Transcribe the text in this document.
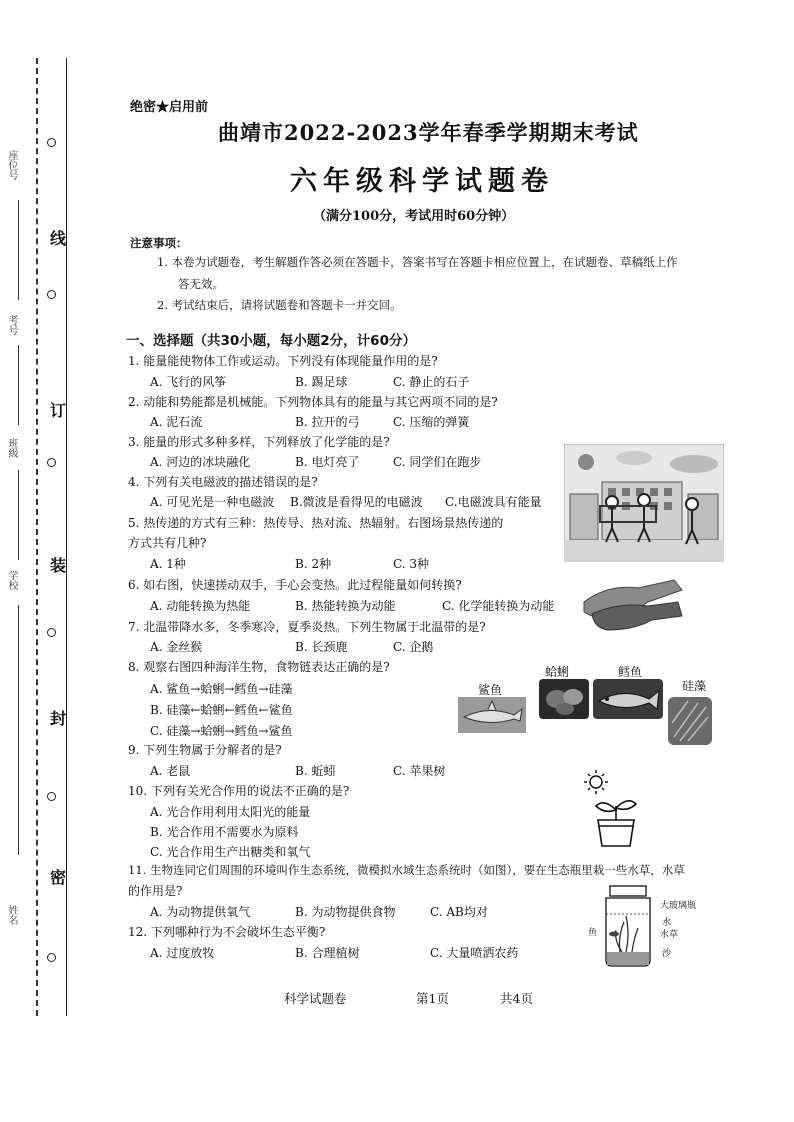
线
订
装
封
密
座位号
考号
班级
学校
姓名
绝密★启用前
曲靖市2022-2023学年春季学期期末考试
六年级科学试题卷
（满分100分，考试用时60分钟）
注意事项：
1. 本卷为试题卷，考生解题作答必须在答题卡，答案书写在答题卡相应位置上，在试题卷、草稿纸上作
答无效。
2. 考试结束后，请将试题卷和答题卡一并交回。
一、选择题（共30小题，每小题2分，计60分）
1. 能量能使物体工作或运动。下列没有体现能量作用的是?
A. 飞行的风筝	B. 踢足球	C. 静止的石子
2. 动能和势能都是机械能。下列物体具有的能量与其它两项不同的是?
A. 泥石流	B. 拉开的弓	C. 压缩的弹簧
3. 能量的形式多种多样，下列释放了化学能的是?
A. 河边的冰块融化	B. 电灯亮了	C. 同学们在跑步
4. 下列有关电磁波的描述错误的是?
A. 可见光是一种电磁波 B.微波是看得见的电磁波 C.电磁波具有能量
5. 热传递的方式有三种：热传导、热对流、热辐射。右图场景热传递的
方式共有几种?
A. 1种	B. 2种	C. 3种
6. 如右图，快速搓动双手，手心会变热。此过程能量如何转换?
A. 动能转换为热能	B. 热能转换为动能	C. 化学能转换为动能
7. 北温带降水多，冬季寒冷，夏季炎热。下列生物属于北温带的是?
A. 金丝猴	B. 长颈鹿	C. 企鹅
8. 观察右图四种海洋生物，食物链表达正确的是?
A. 鲨鱼→蛤蜊→鳕鱼→硅藻
B. 硅藻←蛤蜊←鳕鱼←鲨鱼
C. 硅藻→蛤蜊→鳕鱼→鲨鱼
9. 下列生物属于分解者的是?
A. 老鼠	B. 蚯蚓	C. 苹果树
10. 下列有关光合作用的说法不正确的是?
A. 光合作用利用太阳光的能量
B. 光合作用不需要水为原料
C. 光合作用生产出糖类和氧气
11. 生物连同它们周围的环境叫作生态系统，微模拟水域生态系统时（如图），要在生态瓶里栽一些水草，水草
的作用是?
A. 为动物提供氧气	B. 为动物提供食物	C. AB均对
12. 下列哪种行为不会破坏生态平衡?
A. 过度放牧	B. 合理植树	C. 大量喷洒农药
鲨鱼
蛤蜊	鳕鱼
硅藻
大玻璃瓶
水
水草
鱼
沙
科学试题卷	第1页	共4页
